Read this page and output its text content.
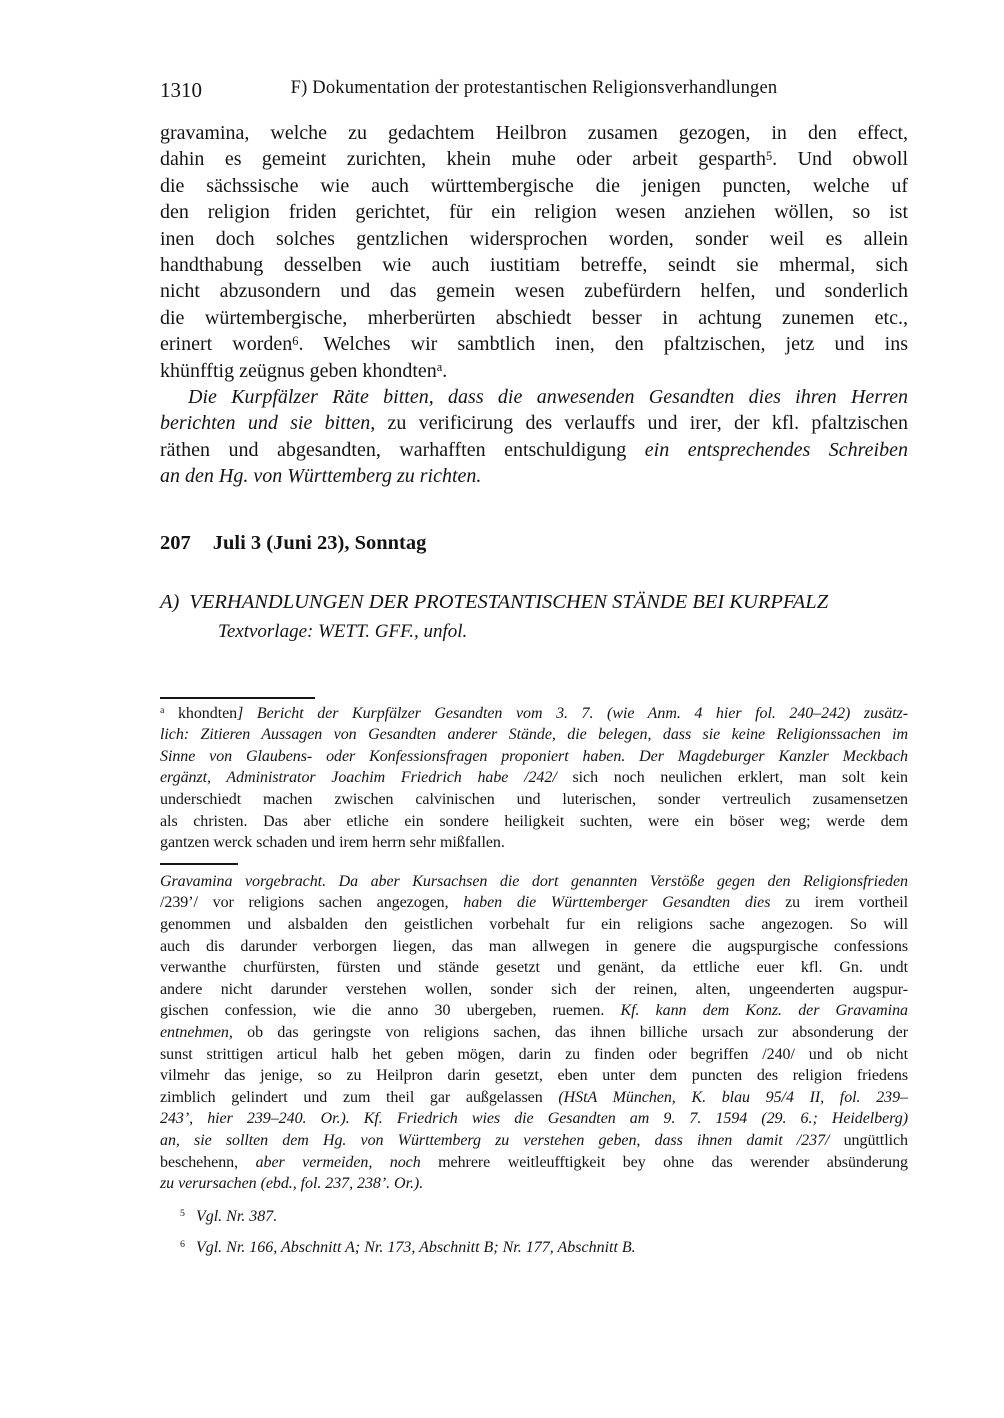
1310	F) Dokumentation der protestantischen Religionsverhandlungen
gravamina, welche zu gedachtem Heilbron zusamen gezogen, in den effect,
dahin es gemeint zurichten, khein muhe oder arbeit gesparth$^5$. Und obwoll
die sächssische wie auch württembergische die jenigen puncten, welche uf
den religion friden gerichtet, für ein religion wesen anziehen wöllen, so ist
inen doch solches gentzlichen widersprochen worden, sonder weil es allein
handthabung desselben wie auch iustitiam betreffe, seindt sie mhermal, sich
nicht abzusondern und das gemein wesen zubefürdern helfen, und sonderlich
die würtembergische, mherberürten abschiedt besser in achtung zunemen etc.,
erinert worden$^6$. Welches wir sambtlich inen, den pfaltzischen, jetz und ins
khünfftig zeügnus geben khondten$^a$.
Die Kurpfälzer Räte bitten, dass die anwesenden Gesandten dies ihren Herren
berichten und sie bitten, zu verificirung des verlauffs und irer, der kfl. pfaltzischen
räthen und abgesandten, warhafften entschuldigung ein entsprechendes Schreiben
an den Hg. von Württemberg zu richten.
207 Juli 3 (Juni 23), Sonntag
A) VERHANDLUNGEN DER PROTESTANTISCHEN STÄNDE BEI KURPFALZ
Textvorlage: WETT. GFF., unfol.
$^a$ khondten] Bericht der Kurpfälzer Gesandten vom 3. 7. (wie Anm. 4 hier fol. 240–242) zusätz-
lich: Zitieren Aussagen von Gesandten anderer Stände, die belegen, dass sie keine Religionssachen im
Sinne von Glaubens- oder Konfessionsfragen proponiert haben. Der Magdeburger Kanzler Meckbach
ergänzt, Administrator Joachim Friedrich habe /242/ sich noch neulichen erklert, man solt kein
underschiedt machen zwischen calvinischen und luterischen, sonder vertreulich zusamensetzen
als christen. Das aber etliche ein sondere heiligkeit suchten, were ein böser weg; werde dem
gantzen werck schaden und irem herrn sehr mißfallen.
Gravamina vorgebracht. Da aber Kursachsen die dort genannten Verstöße gegen den Religionsfrieden
/239’/ vor religions sachen angezogen, haben die Württemberger Gesandten dies zu irem vortheil
genommen und alsbalden den geistlichen vorbehalt fur ein religions sache angezogen. So will
auch dis darunder verborgen liegen, das man allwegen in genere die augspurgische confessions
verwanthe churfürsten, fürsten und stände gesetzt und genänt, da ettliche euer kfl. Gn. undt
andere nicht darunder verstehen wollen, sonder sich der reinen, alten, ungeenderten augspur-
gischen confession, wie die anno 30 ubergeben, ruemen. Kf. kann dem Konz. der Gravamina
entnehmen, ob das geringste von religions sachen, das ihnen billiche ursach zur absonderung der
sunst strittigen articul halb het geben mögen, darin zu finden oder begriffen /240/ und ob nicht
vilmehr das jenige, so zu Heilpron darin gesetzt, eben unter dem puncten des religion friedens
zimblich gelindert und zum theil gar außgelassen (HStA München, K. blau 95/4 II, fol. 239–
243’, hier 239–240. Or.). Kf. Friedrich wies die Gesandten am 9. 7. 1594 (29. 6.; Heidelberg)
an, sie sollten dem Hg. von Württemberg zu verstehen geben, dass ihnen damit /237/ ungüttlich
beschehenn, aber vermeiden, noch mehrere weitleufftigkeit bey ohne das werender absünderung
zu verursachen (ebd., fol. 237, 238’. Or.).
$^5$ Vgl. Nr. 387.
$^6$ Vgl. Nr. 166, Abschnitt A; Nr. 173, Abschnitt B; Nr. 177, Abschnitt B.
